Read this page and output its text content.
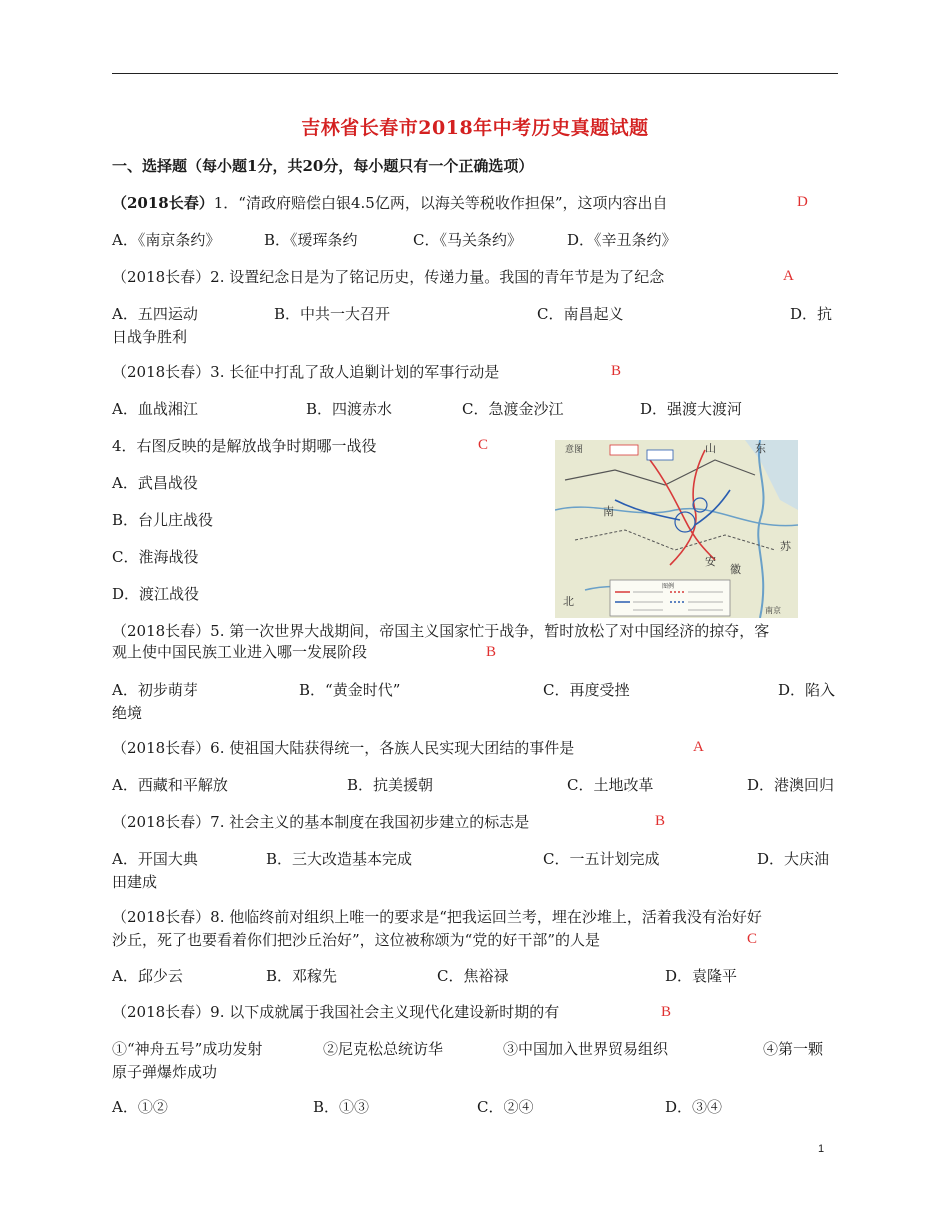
吉林省长春市2018年中考历史真题试题
一、选择题（每小题1分，共20分，每小题只有一个正确选项）
（2018长春）1．“清政府赔偿白银4.5亿两，以海关等税收作担保”，这项内容出自	D
A．《南京条约》	B．《瑷珲条约	C．《马关条约》	D．《辛丑条约》
（2018长春）2. 设置纪念日是为了铭记历史，传递力量。我国的青年节是为了纪念	A
A．五四运动	B．中共一大召开	C．南昌起义	D．抗
日战争胜利
（2018长春）3. 长征中打乱了敌人追剿计划的军事行动是	B
A．血战湘江	B．四渡赤水	C．急渡金沙江	D．强渡大渡河
4．右图反映的是解放战争时期哪一战役	C
A．武昌战役
B．台儿庄战役
C．淮海战役
D．渡江战役
意图	山	东
南
苏
安
徽
北
南京
图例
（2018长春）5. 第一次世界大战期间，帝国主义国家忙于战争，暂时放松了对中国经济的掠夺，客
观上使中国民族工业进入哪一发展阶段	B
A．初步萌芽	B．“黄金时代”	C．再度受挫	D．陷入
绝境
（2018长春）6. 使祖国大陆获得统一，各族人民实现大团结的事件是	A
A．西藏和平解放	B．抗美援朝	C．土地改革	D．港澳回归
（2018长春）7. 社会主义的基本制度在我国初步建立的标志是	B
A．开国大典	B．三大改造基本完成	C．一五计划完成	D．大庆油
田建成
（2018长春）8. 他临终前对组织上唯一的要求是“把我运回兰考，埋在沙堆上，活着我没有治好好
沙丘，死了也要看着你们把沙丘治好”，这位被称颂为“党的好干部”的人是	C
A．邱少云	B．邓稼先	C．焦裕禄	D．袁隆平
（2018长春）9. 以下成就属于我国社会主义现代化建设新时期的有	B
①“神舟五号”成功发射	②尼克松总统访华	③中国加入世界贸易组织	④第一颗
原子弹爆炸成功
A．①②	B．①③	C．②④	D．③④
1
